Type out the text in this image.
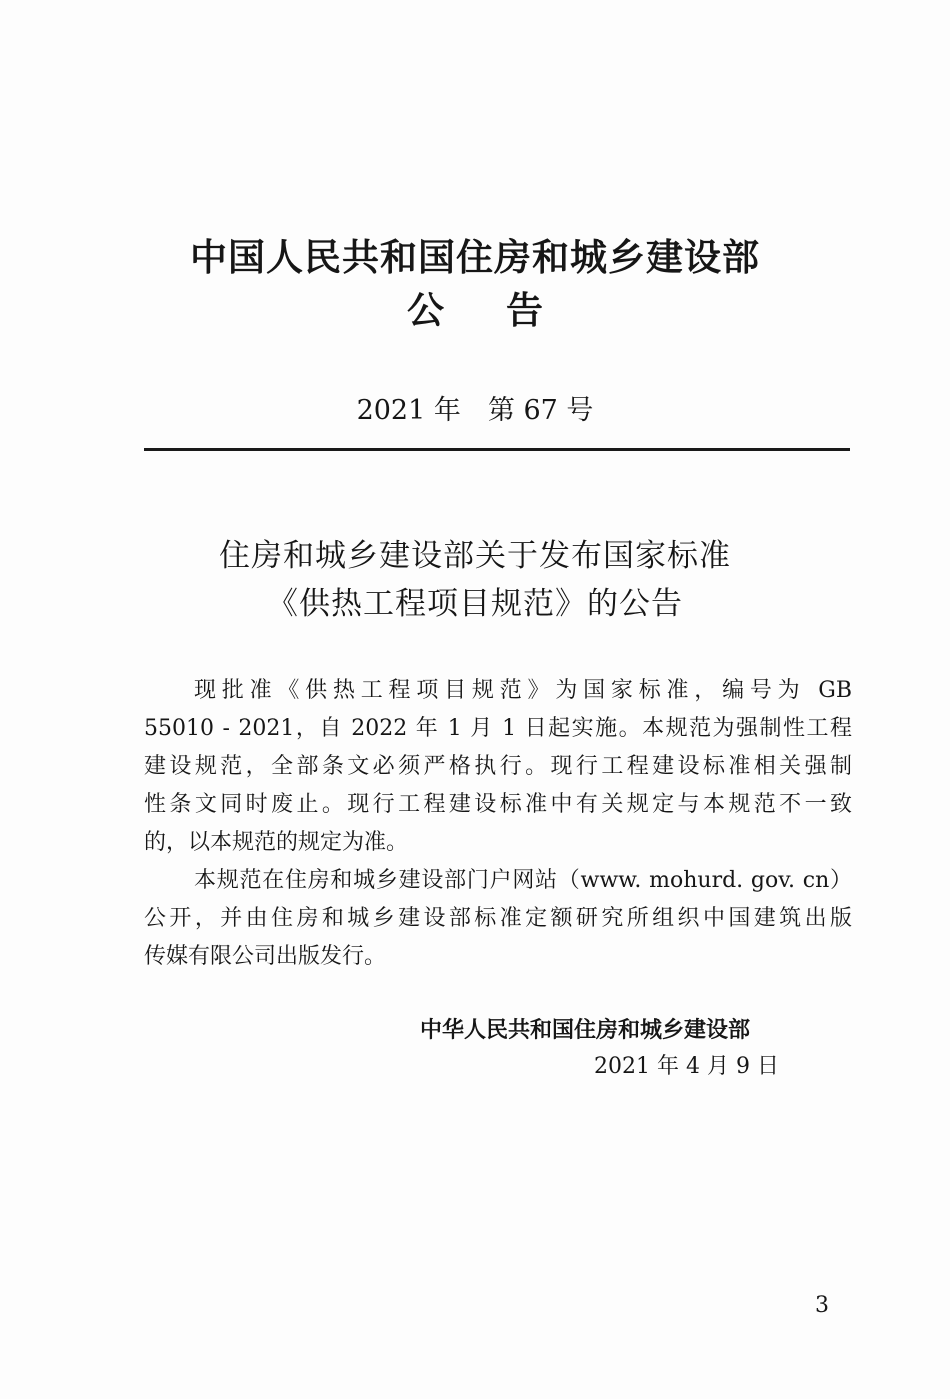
中国人民共和国住房和城乡建设部
公告
2021 年　第 67 号
住房和城乡建设部关于发布国家标准
《供热工程项目规范》的公告
现批准《供热工程项目规范》为国家标准，编号为 GB
55010 - 2021，自 2022 年 1 月 1 日起实施。本规范为强制性工程
建设规范，全部条文必须严格执行。现行工程建设标准相关强制
性条文同时废止。现行工程建设标准中有关规定与本规范不一致
的，以本规范的规定为准。
本规范在住房和城乡建设部门户网站（www. mohurd. gov. cn）
公开，并由住房和城乡建设部标准定额研究所组织中国建筑出版
传媒有限公司出版发行。
中华人民共和国住房和城乡建设部
2021 年 4 月 9 日
3
